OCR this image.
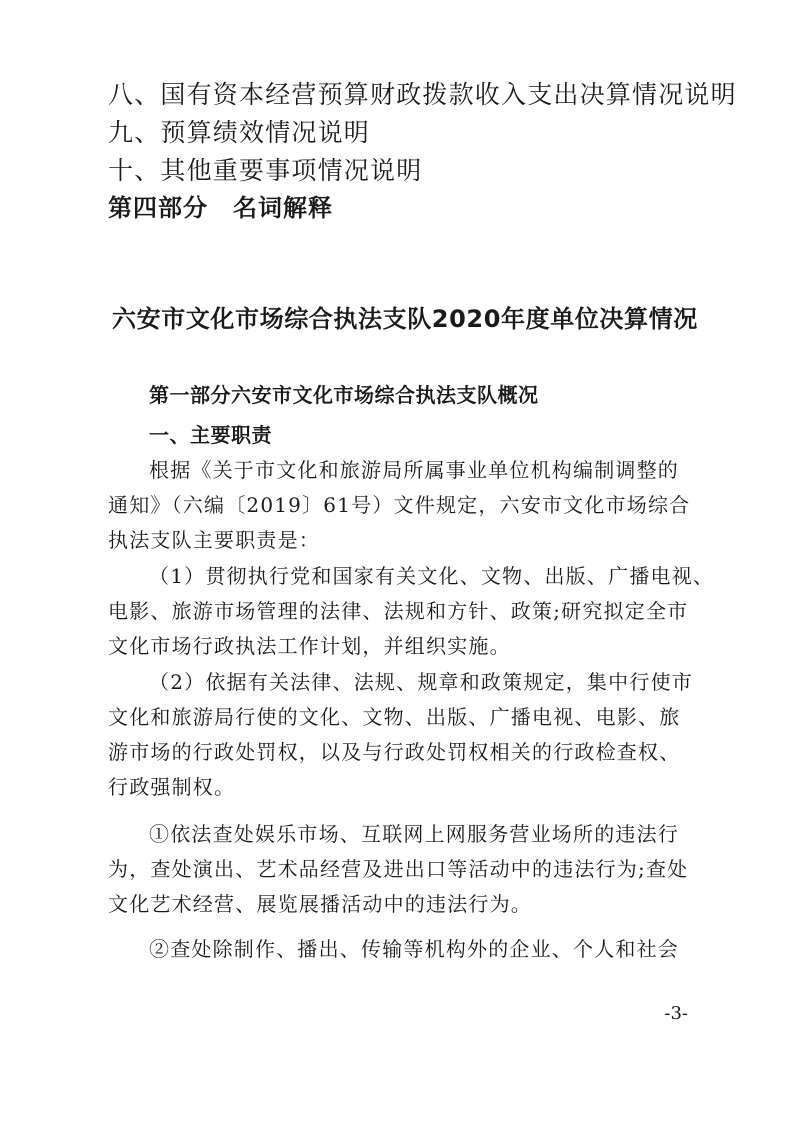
八、国有资本经营预算财政拨款收入支出决算情况说明

九、预算绩效情况说明

十、其他重要事项情况说明

第四部分　名词解释

六安市文化市场综合执法支队2020年度单位决算情况
第一部分六安市文化市场综合执法支队概况
一、主要职责

根据《关于市文化和旅游局所属事业单位机构编制调整的

通知》（六编〔2019〕61号）文件规定，六安市文化市场综合

执法支队主要职责是：

（1）贯彻执行党和国家有关文化、文物、出版、广播电视、

电影、旅游市场管理的法律、法规和方针、政策;研究拟定全市

文化市场行政执法工作计划，并组织实施。

（2）依据有关法律、法规、规章和政策规定，集中行使市

文化和旅游局行使的文化、文物、出版、广播电视、电影、旅

游市场的行政处罚权，以及与行政处罚权相关的行政检查权、

行政强制权。

①依法查处娱乐市场、互联网上网服务营业场所的违法行

为，查处演出、艺术品经营及进出口等活动中的违法行为;查处

文化艺术经营、展览展播活动中的违法行为。

②查处除制作、播出、传输等机构外的企业、个人和社会

-3-
